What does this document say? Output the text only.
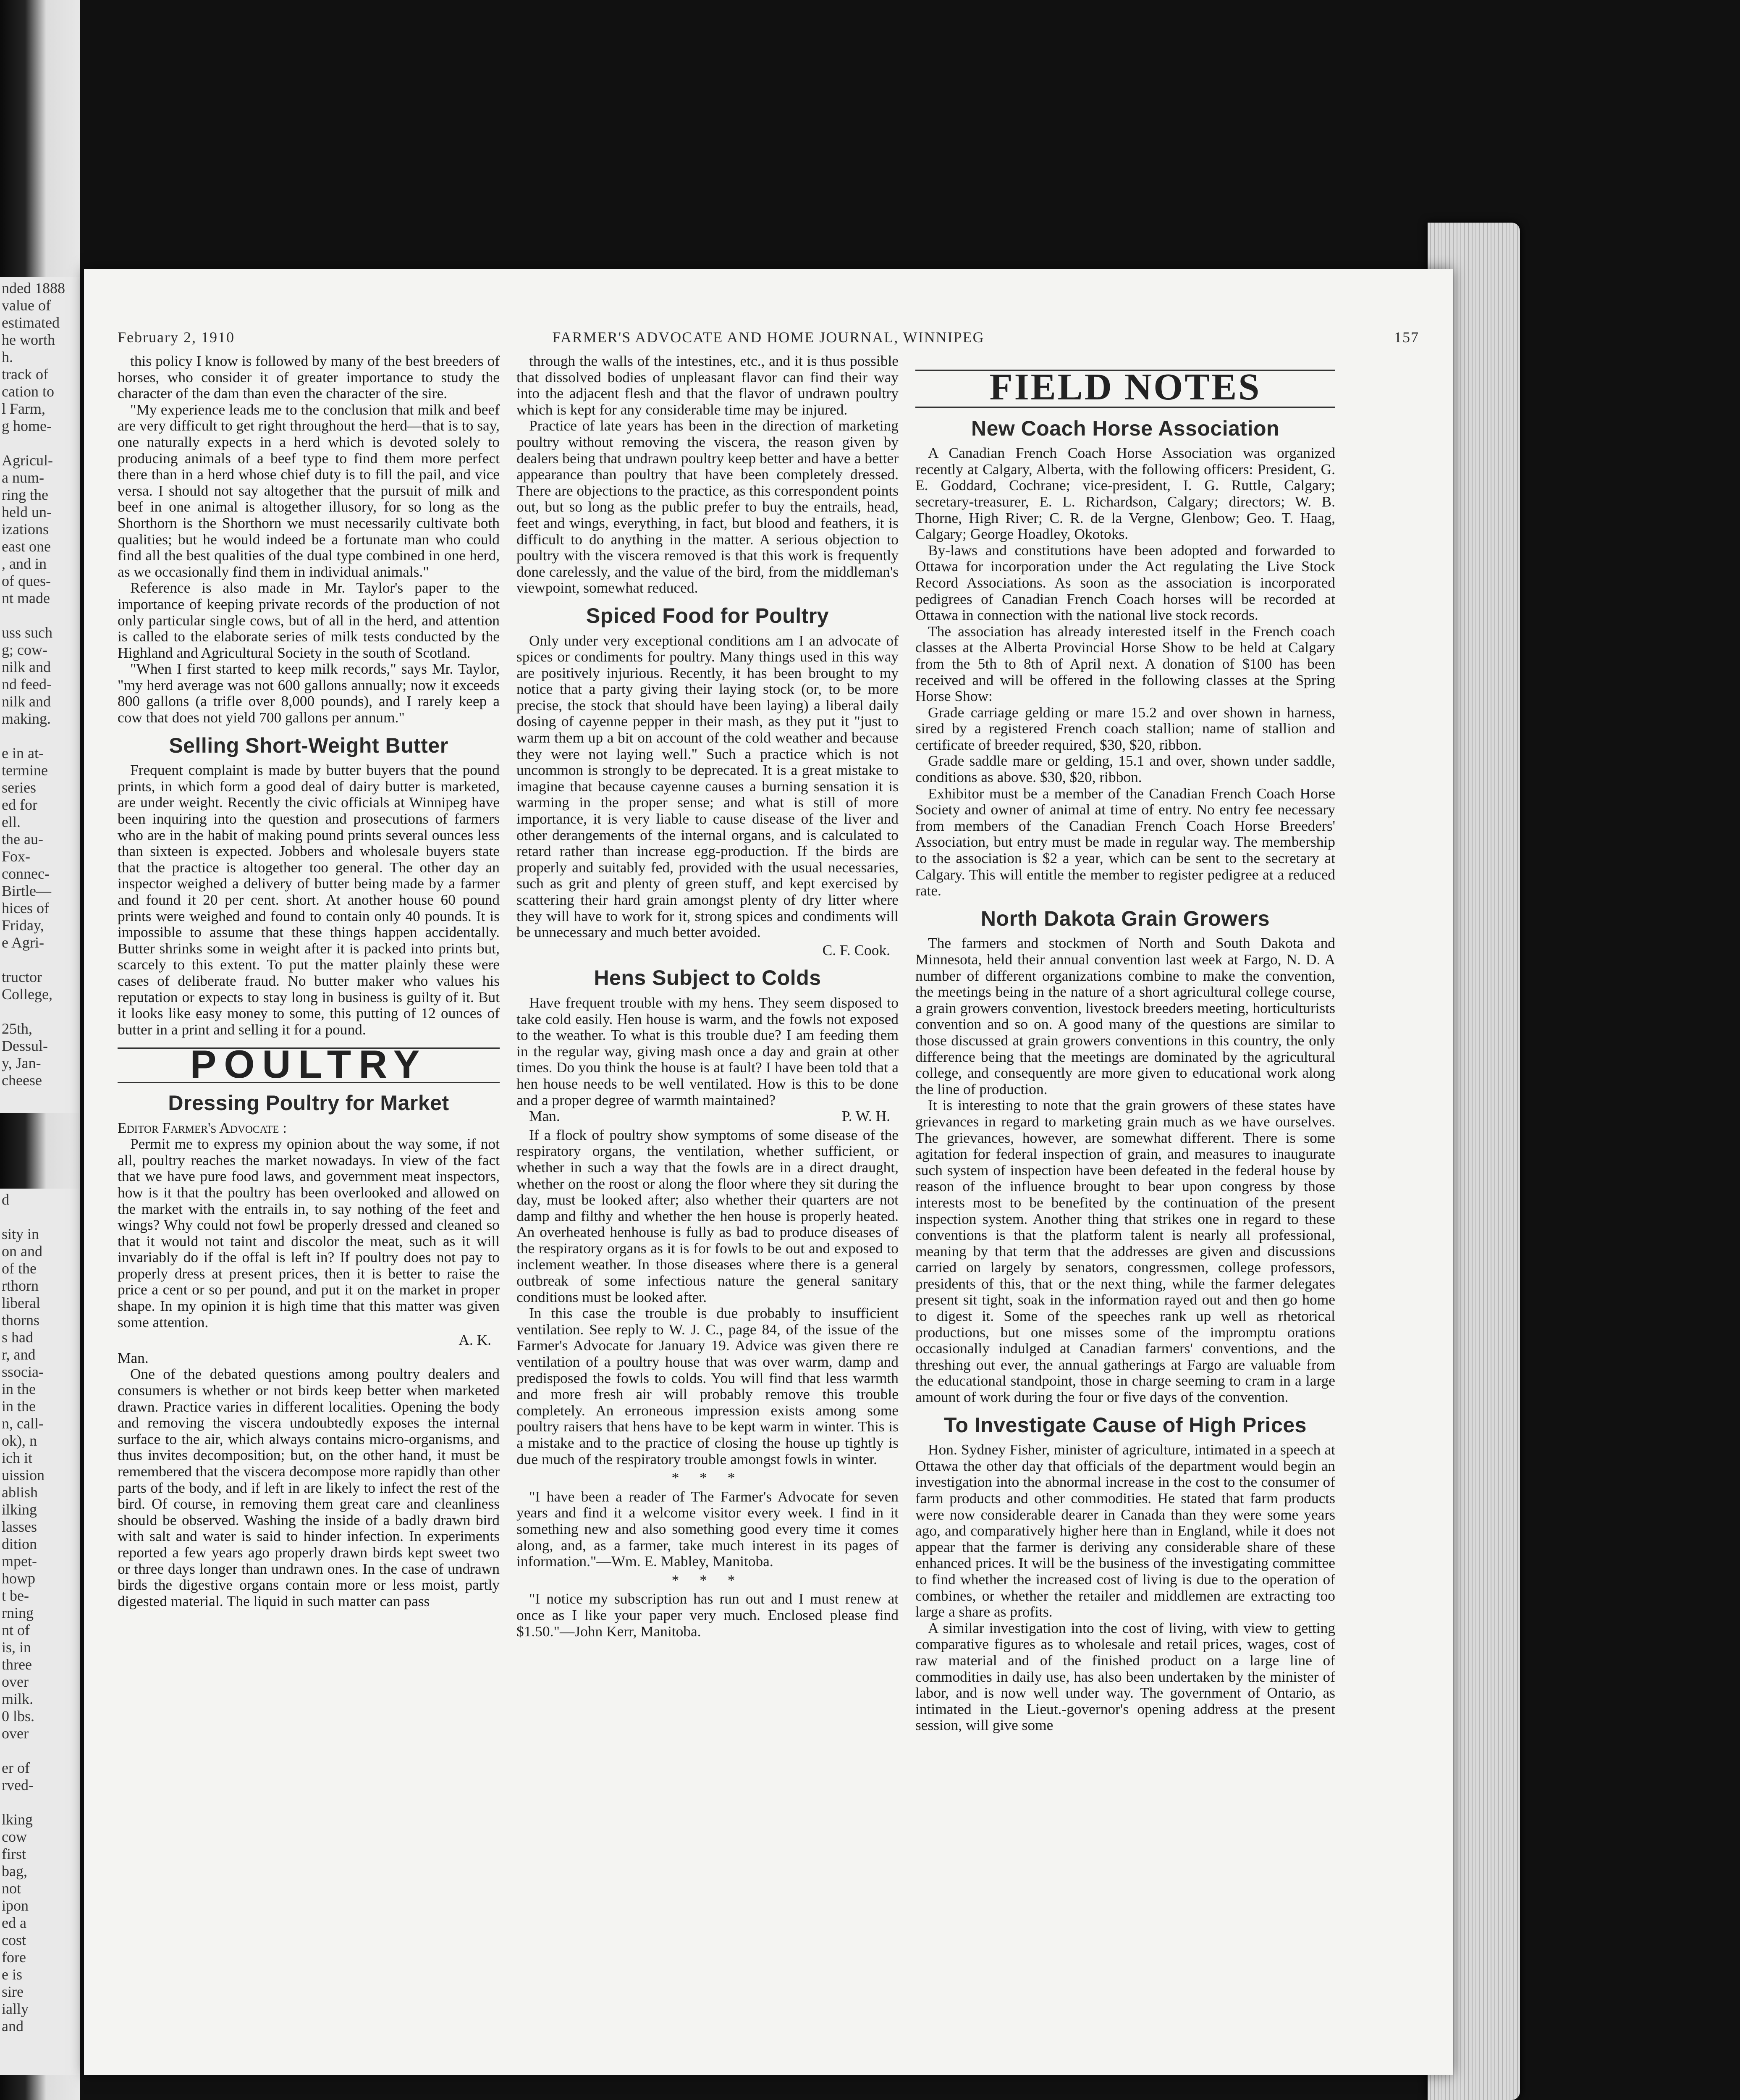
nded 1888
value of
estimated
he worth
h.
track of
cation to
l Farm,
g home-

Agricul-
a num-
ring the
held un-
izations
east one
, and in
of ques-
nt made

uss such
g; cow-
nilk and
nd feed-
nilk and
making.

e in at-
termine
series
ed for
ell.
the au-
Fox-
connec-
Birtle—
hices of
Friday,
e Agri-

tructor
College,

25th,
Dessul-
y, Jan-
cheese
d

sity in
on and
of the
rthorn
liberal
thorns
s had
r, and
ssocia-
in the
in the
n, call-
ok), n
ich it
uission
ablish
ilking
lasses
dition
mpet-
howp
t be-
rning
nt of
is, in
three
over
milk.
0 lbs.
over

er of
rved-

lking
cow
first
bag,
not
ipon
ed a
cost
fore
e is
sire
ially
and
February 2, 1910	FARMER'S ADVOCATE AND HOME JOURNAL, WINNIPEG	157

this policy I know is followed by many of the best breeders of horses, who consider it of greater importance to study the character of the dam than even the character of the sire.

"My experience leads me to the conclusion that milk and beef are very difficult to get right throughout the herd—that is to say, one naturally expects in a herd which is devoted solely to producing animals of a beef type to find them more perfect there than in a herd whose chief duty is to fill the pail, and vice versa. I should not say altogether that the pursuit of milk and beef in one animal is altogether illusory, for so long as the Shorthorn is the Shorthorn we must necessarily cultivate both qualities; but he would indeed be a fortunate man who could find all the best qualities of the dual type combined in one herd, as we occasionally find them in individual animals."

Reference is also made in Mr. Taylor's paper to the importance of keeping private records of the production of not only particular single cows, but of all in the herd, and attention is called to the elaborate series of milk tests conducted by the Highland and Agricultural Society in the south of Scotland.

"When I first started to keep milk records," says Mr. Taylor, "my herd average was not 600 gallons annually; now it exceeds 800 gallons (a trifle over 8,000 pounds), and I rarely keep a cow that does not yield 700 gallons per annum."

Selling Short-Weight Butter

Frequent complaint is made by butter buyers that the pound prints, in which form a good deal of dairy butter is marketed, are under weight. Recently the civic officials at Winnipeg have been inquiring into the question and prosecutions of farmers who are in the habit of making pound prints several ounces less than sixteen is expected. Jobbers and wholesale buyers state that the practice is altogether too general. The other day an inspector weighed a delivery of butter being made by a farmer and found it 20 per cent. short. At another house 60 pound prints were weighed and found to contain only 40 pounds. It is impossible to assume that these things happen accidentally. Butter shrinks some in weight after it is packed into prints but, scarcely to this extent. To put the matter plainly these were cases of deliberate fraud. No butter maker who values his reputation or expects to stay long in business is guilty of it. But it looks like easy money to some, this putting of 12 ounces of butter in a print and selling it for a pound.

POULTRY
Dressing Poultry for Market

Editor Farmer's Advocate :

Permit me to express my opinion about the way some, if not all, poultry reaches the market nowadays. In view of the fact that we have pure food laws, and government meat inspectors, how is it that the poultry has been overlooked and allowed on the market with the entrails in, to say nothing of the feet and wings? Why could not fowl be properly dressed and cleaned so that it would not taint and discolor the meat, such as it will invariably do if the offal is left in? If poultry does not pay to properly dress at present prices, then it is better to raise the price a cent or so per pound, and put it on the market in proper shape. In my opinion it is high time that this matter was given some attention.

A. K.

Man.

One of the debated questions among poultry dealers and consumers is whether or not birds keep better when marketed drawn. Practice varies in different localities. Opening the body and removing the viscera undoubtedly exposes the internal surface to the air, which always contains micro-organisms, and thus invites decomposition; but, on the other hand, it must be remembered that the viscera decompose more rapidly than other parts of the body, and if left in are likely to infect the rest of the bird. Of course, in removing them great care and cleanliness should be observed. Washing the inside of a badly drawn bird with salt and water is said to hinder infection. In experiments reported a few years ago properly drawn birds kept sweet two or three days longer than undrawn ones. In the case of undrawn birds the digestive organs contain more or less moist, partly digested material. The liquid in such matter can pass

through the walls of the intestines, etc., and it is thus possible that dissolved bodies of unpleasant flavor can find their way into the adjacent flesh and that the flavor of undrawn poultry which is kept for any considerable time may be injured.

Practice of late years has been in the direction of marketing poultry without removing the viscera, the reason given by dealers being that undrawn poultry keep better and have a better appearance than poultry that have been completely dressed. There are objections to the practice, as this correspondent points out, but so long as the public prefer to buy the entrails, head, feet and wings, everything, in fact, but blood and feathers, it is difficult to do anything in the matter. A serious objection to poultry with the viscera removed is that this work is frequently done carelessly, and the value of the bird, from the middleman's viewpoint, somewhat reduced.

Spiced Food for Poultry

Only under very exceptional conditions am I an advocate of spices or condiments for poultry. Many things used in this way are positively injurious. Recently, it has been brought to my notice that a party giving their laying stock (or, to be more precise, the stock that should have been laying) a liberal daily dosing of cayenne pepper in their mash, as they put it "just to warm them up a bit on account of the cold weather and because they were not laying well." Such a practice which is not uncommon is strongly to be deprecated. It is a great mistake to imagine that because cayenne causes a burning sensation it is warming in the proper sense; and what is still of more importance, it is very liable to cause disease of the liver and other derangements of the internal organs, and is calculated to retard rather than increase egg-production. If the birds are properly and suitably fed, provided with the usual necessaries, such as grit and plenty of green stuff, and kept exercised by scattering their hard grain amongst plenty of dry litter where they will have to work for it, strong spices and condiments will be unnecessary and much better avoided.

C. F. Cook.
Hens Subject to Colds

Have frequent trouble with my hens. They seem disposed to take cold easily. Hen house is warm, and the fowls not exposed to the weather. To what is this trouble due? I am feeding them in the regular way, giving mash once a day and grain at other times. Do you think the house is at fault? I have been told that a hen house needs to be well ventilated. How is this to be done and a proper degree of warmth maintained?

Man.	P. W. H.

If a flock of poultry show symptoms of some disease of the respiratory organs, the ventilation, whether sufficient, or whether in such a way that the fowls are in a direct draught, whether on the roost or along the floor where they sit during the day, must be looked after; also whether their quarters are not damp and filthy and whether the hen house is properly heated. An overheated henhouse is fully as bad to produce diseases of the respiratory organs as it is for fowls to be out and exposed to inclement weather. In those diseases where there is a general outbreak of some infectious nature the general sanitary conditions must be looked after.

In this case the trouble is due probably to insufficient ventilation. See reply to W. J. C., page 84, of the issue of the Farmer's Advocate for January 19. Advice was given there re ventilation of a poultry house that was over warm, damp and predisposed the fowls to colds. You will find that less warmth and more fresh air will probably remove this trouble completely. An erroneous impression exists among some poultry raisers that hens have to be kept warm in winter. This is a mistake and to the practice of closing the house up tightly is due much of the respiratory trouble amongst fowls in winter.

* * *

"I have been a reader of The Farmer's Advocate for seven years and find it a welcome visitor every week. I find in it something new and also something good every time it comes along, and, as a farmer, take much interest in its pages of information."—Wm. E. Mabley, Manitoba.

* * *

"I notice my subscription has run out and I must renew at once as I like your paper very much. Enclosed please find $1.50."—John Kerr, Manitoba.

FIELD NOTES
New Coach Horse Association

A Canadian French Coach Horse Association was organized recently at Calgary, Alberta, with the following officers: President, G. E. Goddard, Cochrane; vice-president, I. G. Ruttle, Calgary; secretary-treasurer, E. L. Richardson, Calgary; directors; W. B. Thorne, High River; C. R. de la Vergne, Glenbow; Geo. T. Haag, Calgary; George Hoadley, Okotoks.

By-laws and constitutions have been adopted and forwarded to Ottawa for incorporation under the Act regulating the Live Stock Record Associations. As soon as the association is incorporated pedigrees of Canadian French Coach horses will be recorded at Ottawa in connection with the national live stock records.

The association has already interested itself in the French coach classes at the Alberta Provincial Horse Show to be held at Calgary from the 5th to 8th of April next. A donation of $100 has been received and will be offered in the following classes at the Spring Horse Show:

Grade carriage gelding or mare 15.2 and over shown in harness, sired by a registered French coach stallion; name of stallion and certificate of breeder required, $30, $20, ribbon.

Grade saddle mare or gelding, 15.1 and over, shown under saddle, conditions as above. $30, $20, ribbon.

Exhibitor must be a member of the Canadian French Coach Horse Society and owner of animal at time of entry. No entry fee necessary from members of the Canadian French Coach Horse Breeders' Association, but entry must be made in regular way. The membership to the association is $2 a year, which can be sent to the secretary at Calgary. This will entitle the member to register pedigree at a reduced rate.

North Dakota Grain Growers

The farmers and stockmen of North and South Dakota and Minnesota, held their annual convention last week at Fargo, N. D. A number of different organizations combine to make the convention, the meetings being in the nature of a short agricultural college course, a grain growers convention, livestock breeders meeting, horticulturists convention and so on. A good many of the questions are similar to those discussed at grain growers conventions in this country, the only difference being that the meetings are dominated by the agricultural college, and consequently are more given to educational work along the line of production.

It is interesting to note that the grain growers of these states have grievances in regard to marketing grain much as we have ourselves. The grievances, however, are somewhat different. There is some agitation for federal inspection of grain, and measures to inaugurate such system of inspection have been defeated in the federal house by reason of the influence brought to bear upon congress by those interests most to be benefited by the continuation of the present inspection system. Another thing that strikes one in regard to these conventions is that the platform talent is nearly all professional, meaning by that term that the addresses are given and discussions carried on largely by senators, congressmen, college professors, presidents of this, that or the next thing, while the farmer delegates present sit tight, soak in the information rayed out and then go home to digest it. Some of the speeches rank up well as rhetorical productions, but one misses some of the impromptu orations occasionally indulged at Canadian farmers' conventions, and the threshing out ever, the annual gatherings at Fargo are valuable from the educational standpoint, those in charge seeming to cram in a large amount of work during the four or five days of the convention.

To Investigate Cause of High Prices

Hon. Sydney Fisher, minister of agriculture, intimated in a speech at Ottawa the other day that officials of the department would begin an investigation into the abnormal increase in the cost to the consumer of farm products and other commodities. He stated that farm products were now considerable dearer in Canada than they were some years ago, and comparatively higher here than in England, while it does not appear that the farmer is deriving any considerable share of these enhanced prices. It will be the business of the investigating committee to find whether the increased cost of living is due to the operation of combines, or whether the retailer and middlemen are extracting too large a share as profits.

A similar investigation into the cost of living, with view to getting comparative figures as to wholesale and retail prices, wages, cost of raw material and of the finished product on a large line of commodities in daily use, has also been undertaken by the minister of labor, and is now well under way. The government of Ontario, as intimated in the Lieut.-governor's opening address at the present session, will give some
